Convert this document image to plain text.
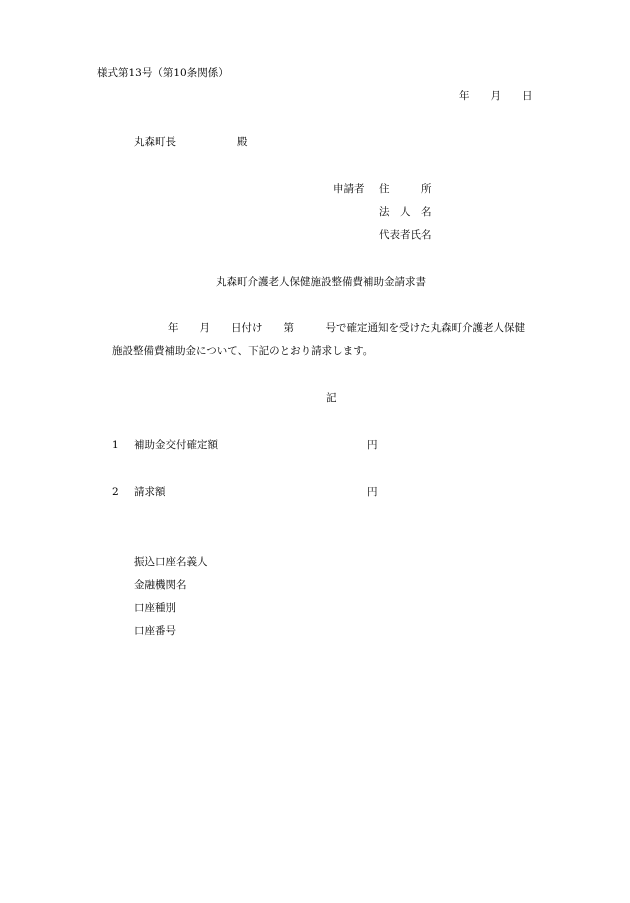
様式第13号（第10条関係）
年　　月　　日
丸森町長	殿
申請者 住　　　所
法　人　名
代表者氏名
丸森町介護老人保健施設整備費補助金請求書
年　　月　　日付け　　第　　　号で確定通知を受けた丸森町介護老人保健
施設整備費補助金について、下記のとおり請求します。
記
1 補助金交付確定額	円
2 請求額	円
振込口座名義人
金融機関名
口座種別
口座番号
